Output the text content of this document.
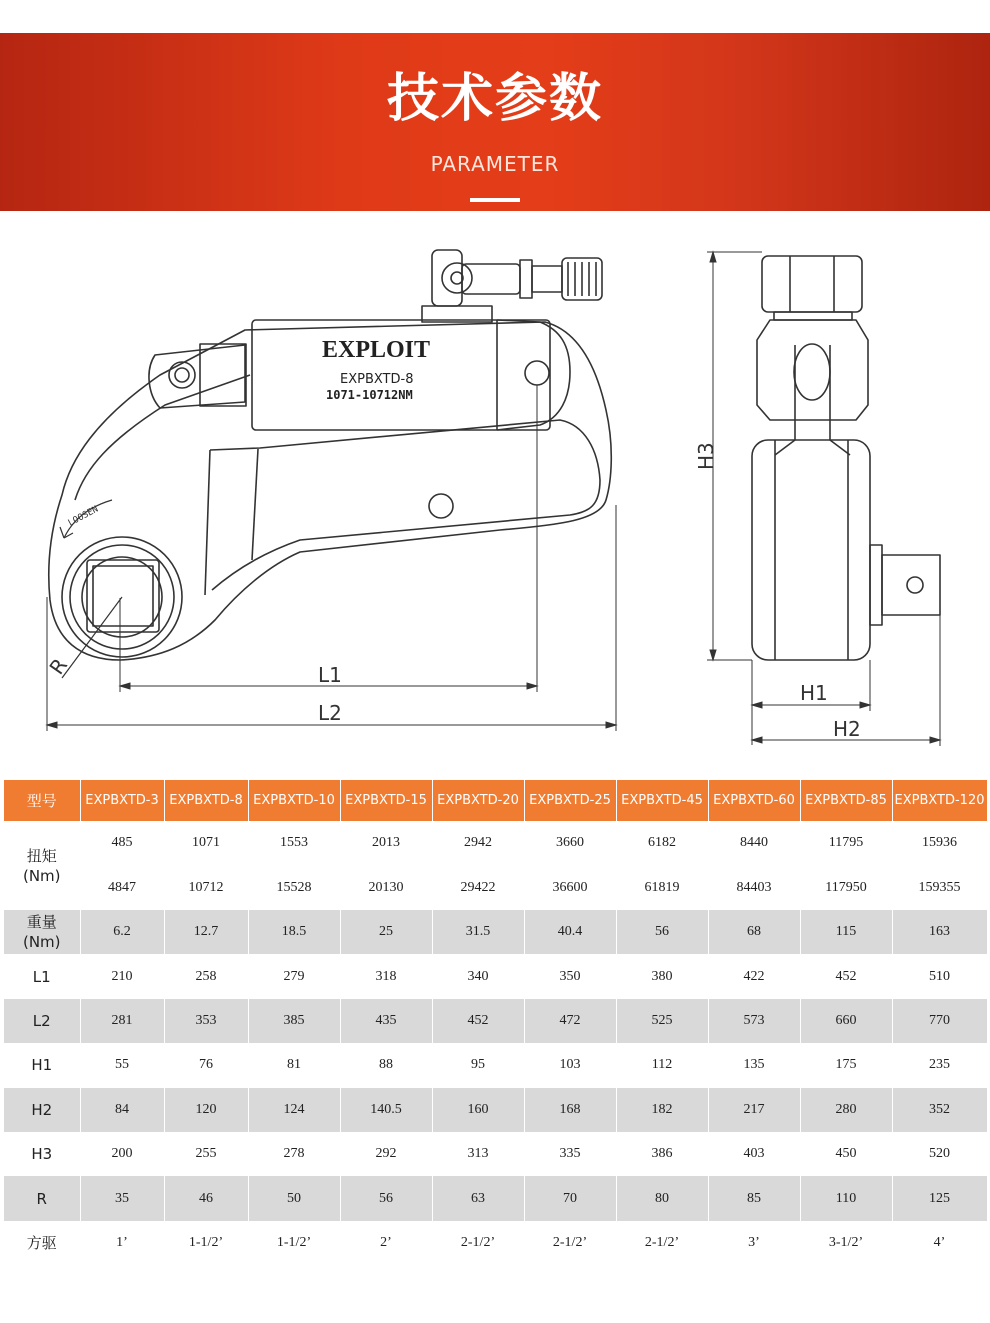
技术参数
PARAMETER
EXPLOIT
EXPBXTD-8
1071-10712NM
LOOSEN
L1
L2
R
H3
H1
H2
型号	EXPBXTD-3	EXPBXTD-8	EXPBXTD-10	EXPBXTD-15	EXPBXTD-20	EXPBXTD-25	EXPBXTD-45	EXPBXTD-60	EXPBXTD-85	EXPBXTD-120

扭矩
(Nm)	485	1071	1553	2013	2942	3660	6182	8440	11795	15936
	4847	10712	15528	20130	29422	36600	61819	84403	117950	159355

重量
(Nm)	6.2	12.7	18.5	25	31.5	40.4	56	68	115	163
L1	210	258	279	318	340	350	380	422	452	510
L2	281	353	385	435	452	472	525	573	660	770
H1	55	76	81	88	95	103	112	135	175	235
H2	84	120	124	140.5	160	168	182	217	280	352
H3	200	255	278	292	313	335	386	403	450	520
R	35	46	50	56	63	70	80	85	110	125
方驱	1’	1-1/2’	1-1/2’	2’	2-1/2’	2-1/2’	2-1/2’	3’	3-1/2’	4’
